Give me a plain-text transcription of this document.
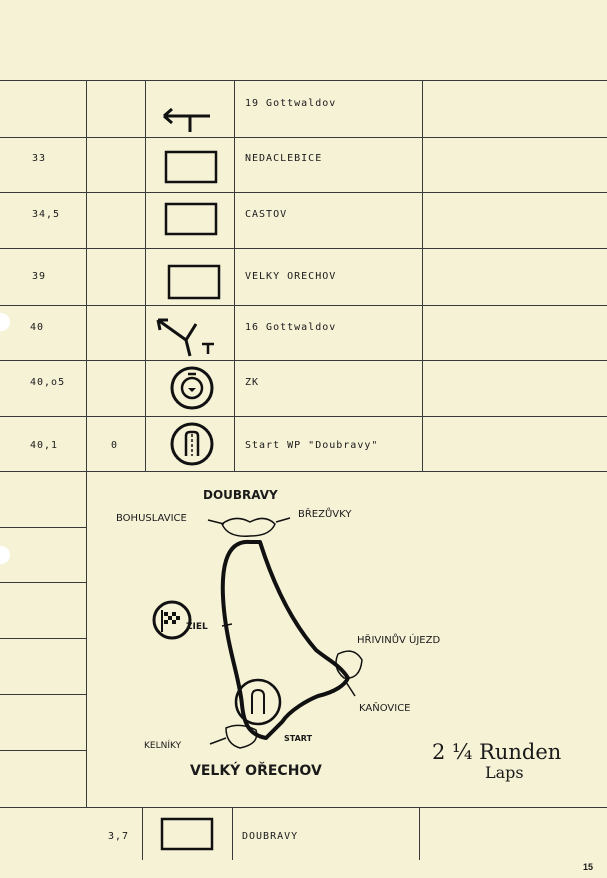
19 Gottwaldov
33	NEDACLEBICE
34,5	CASTOV
39	VELKY ORECHOV
40	16 Gottwaldov
40,o5	ZK
40,1	0	Start WP "Doubravy"
DOUBRAVY
BOHUSLAVICE	BŘEZŮVKY
ZIEL
HŘIVINŮV ÚJEZD
KAŇOVICE
START
KELNÍKY
VELKÝ OŘECHOV
2 ¼ Runden
Laps
3,7	DOUBRAVY
15
